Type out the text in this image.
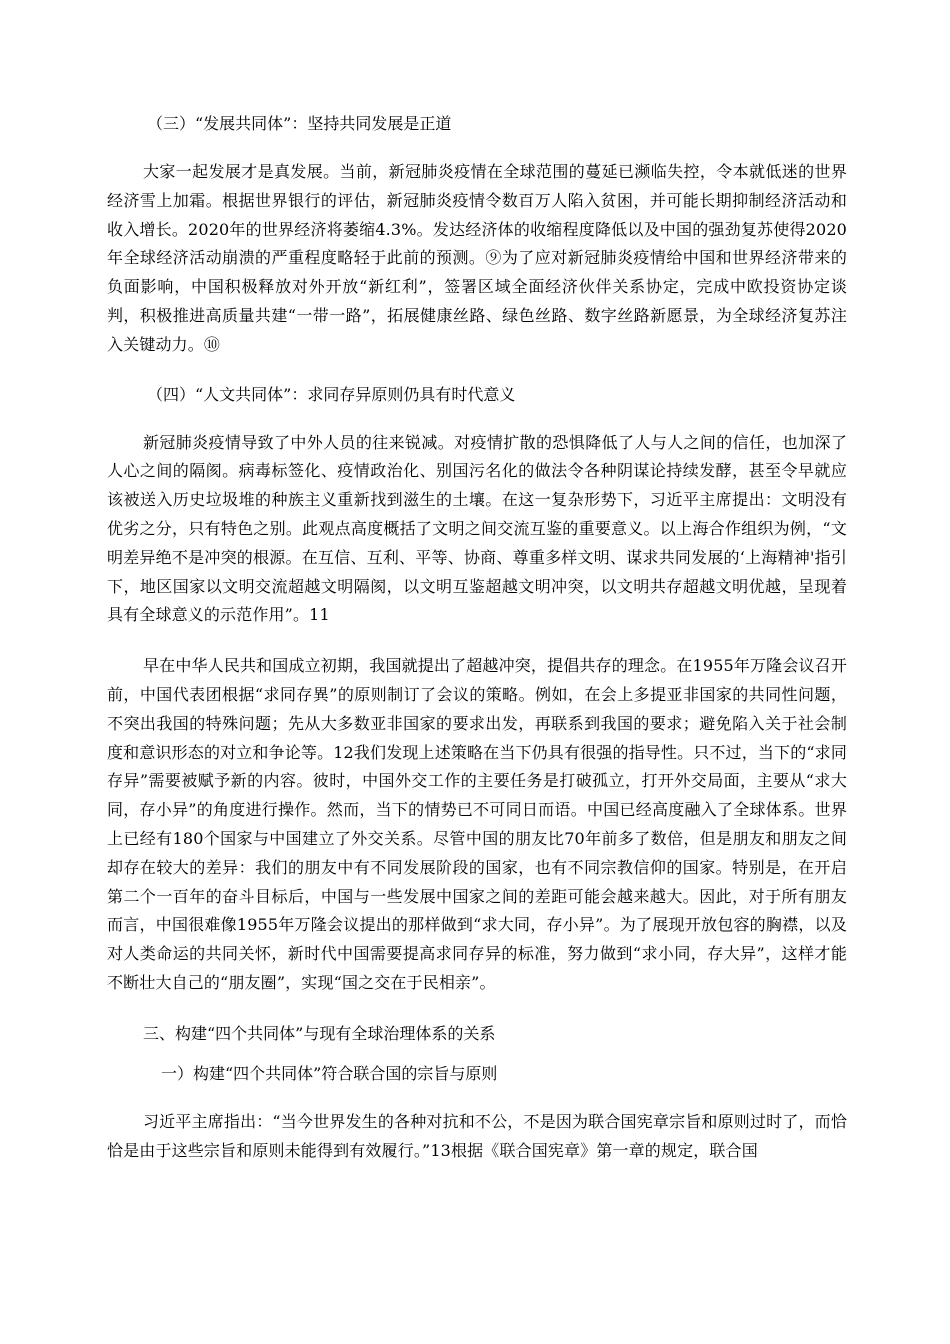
（三）“发展共同体”：坚持共同发展是正道

大家一起发展才是真发展。当前，新冠肺炎疫情在全球范围的蔓延已濒临失控，令本就低迷的世界经济雪上加霜。根据世界银行的评估，新冠肺炎疫情令数百万人陷入贫困，并可能长期抑制经济活动和收入增长。2020年的世界经济将萎缩4.3%。发达经济体的收缩程度降低以及中国的强劲复苏使得2020年全球经济活动崩溃的严重程度略轻于此前的预测。⑨为了应对新冠肺炎疫情给中国和世界经济带来的负面影响，中国积极释放对外开放“新红利”，签署区域全面经济伙伴关系协定，完成中欧投资协定谈判，积极推进高质量共建“一带一路”，拓展健康丝路、绿色丝路、数字丝路新愿景，为全球经济复苏注入关键动力。⑩

（四）“人文共同体”：求同存异原则仍具有时代意义

新冠肺炎疫情导致了中外人员的往来锐减。对疫情扩散的恐惧降低了人与人之间的信任，也加深了人心之间的隔阂。病毒标签化、疫情政治化、别国污名化的做法令各种阴谋论持续发酵，甚至令早就应该被送入历史垃圾堆的种族主义重新找到滋生的土壤。在这一复杂形势下，习近平主席提出：文明没有优劣之分，只有特色之别。此观点高度概括了文明之间交流互鉴的重要意义。以上海合作组织为例，“文明差异绝不是冲突的根源。在互信、互利、平等、协商、尊重多样文明、谋求共同发展的‘上海精神'指引下，地区国家以文明交流超越文明隔阂，以文明互鉴超越文明冲突，以文明共存超越文明优越，呈现着具有全球意义的示范作用”。11

早在中华人民共和国成立初期，我国就提出了超越冲突，提倡共存的理念。在1955年万隆会议召开前，中国代表团根据“求同存異”的原则制订了会议的策略。例如，在会上多提亚非国家的共同性问题，不突出我国的特殊问题；先从大多数亚非国家的要求出发，再联系到我国的要求；避免陷入关于社会制度和意识形态的对立和争论等。12我们发现上述策略在当下仍具有很强的指导性。只不过，当下的“求同存异”需要被赋予新的内容。彼时，中国外交工作的主要任务是打破孤立，打开外交局面，主要从“求大同，存小异”的角度进行操作。然而，当下的情势已不可同日而语。中国已经高度融入了全球体系。世界上已经有180个国家与中国建立了外交关系。尽管中国的朋友比70年前多了数倍，但是朋友和朋友之间却存在较大的差异：我们的朋友中有不同发展阶段的国家，也有不同宗教信仰的国家。特别是，在开启第二个一百年的奋斗目标后，中国与一些发展中国家之间的差距可能会越来越大。因此，对于所有朋友而言，中国很难像1955年万隆会议提出的那样做到“求大同，存小异”。为了展现开放包容的胸襟，以及对人类命运的共同关怀，新时代中国需要提高求同存异的标准，努力做到“求小同，存大异”，这样才能不断壮大自己的“朋友圈”，实现“国之交在于民相亲”。

三、构建“四个共同体”与现有全球治理体系的关系

一）构建“四个共同体”符合联合国的宗旨与原则

习近平主席指出：“当今世界发生的各种对抗和不公，不是因为联合国宪章宗旨和原则过时了，而恰恰是由于这些宗旨和原则未能得到有效履行。”13根据《联合国宪章》第一章的规定，联合国
